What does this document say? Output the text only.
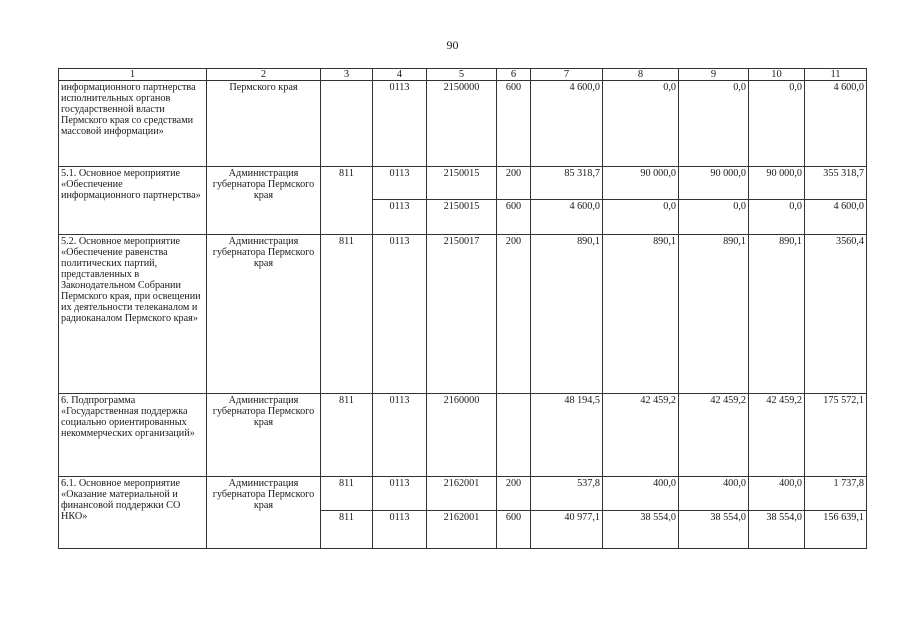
90
1	2	3	4	5	6	7	8	9	10	11
информационного партнерства исполнительных органов государственной власти Пермского края со средствами массовой информации»	Пермского края		0113	2150000	600	4 600,0	0,0	0,0	0,0	4 600,0
5.1. Основное мероприятие «Обеспечение информационного партнерства»	Администрация губернатора Пермского края	811	0113	2150015	200	85 318,7	90 000,0	90 000,0	90 000,0	355 318,7
			0113	2150015	600	4 600,0	0,0	0,0	0,0	4 600,0
5.2. Основное мероприятие «Обеспечение равенства политических партий, представленных в Законодательном Собрании Пермского края, при освещении их деятельности телеканалом и радиоканалом Пермского края»	Администрация губернатора Пермского края	811	0113	2150017	200	890,1	890,1	890,1	890,1	3560,4
6. Подпрограмма «Государственная поддержка социально ориентированных некоммерческих организаций»	Администрация губернатора Пермского края	811	0113	2160000		48 194,5	42 459,2	42 459,2	42 459,2	175 572,1
6.1. Основное мероприятие «Оказание материальной и финансовой поддержки СО НКО»	Администрация губернатора Пермского края	811	0113	2162001	200	537,8	400,0	400,0	400,0	1 737,8
		811	0113	2162001	600	40 977,1	38 554,0	38 554,0	38 554,0	156 639,1
